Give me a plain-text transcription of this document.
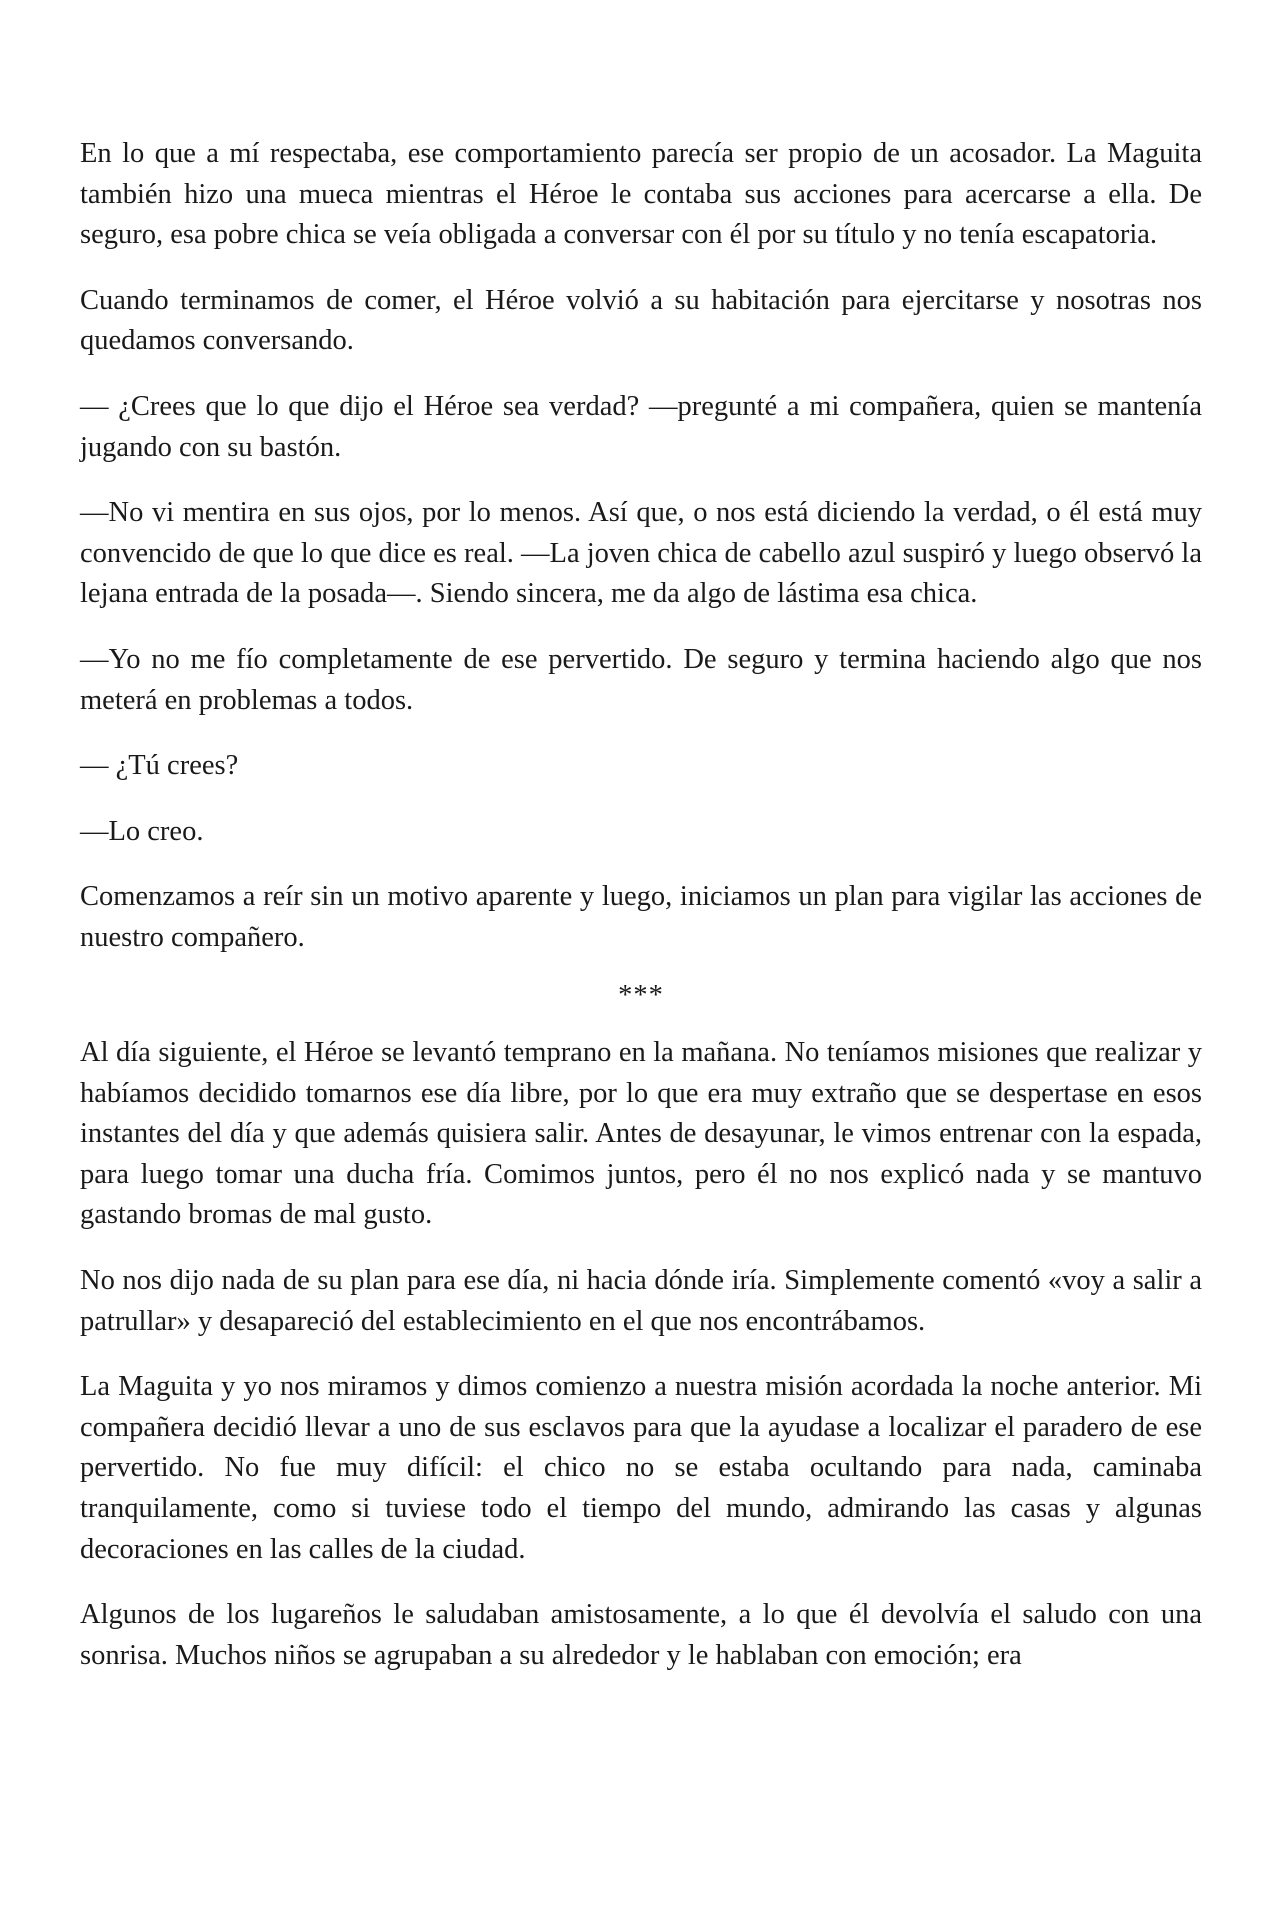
En lo que a mí respectaba, ese comportamiento parecía ser propio de un acosador. La Maguita también hizo una mueca mientras el Héroe le contaba sus acciones para acercarse a ella. De seguro, esa pobre chica se veía obligada a conversar con él por su título y no tenía escapatoria.

Cuando terminamos de comer, el Héroe volvió a su habitación para ejercitarse y nosotras nos quedamos conversando.

— ¿Crees que lo que dijo el Héroe sea verdad? —pregunté a mi compañera, quien se mantenía jugando con su bastón.

—No vi mentira en sus ojos, por lo menos. Así que, o nos está diciendo la verdad, o él está muy convencido de que lo que dice es real. —La joven chica de cabello azul suspiró y luego observó la lejana entrada de la posada—. Siendo sincera, me da algo de lástima esa chica.

—Yo no me fío completamente de ese pervertido. De seguro y termina haciendo algo que nos meterá en problemas a todos.

— ¿Tú crees?

—Lo creo.

Comenzamos a reír sin un motivo aparente y luego, iniciamos un plan para vigilar las acciones de nuestro compañero.

***

Al día siguiente, el Héroe se levantó temprano en la mañana. No teníamos misiones que realizar y habíamos decidido tomarnos ese día libre, por lo que era muy extraño que se despertase en esos instantes del día y que además quisiera salir. Antes de desayunar, le vimos entrenar con la espada, para luego tomar una ducha fría. Comimos juntos, pero él no nos explicó nada y se mantuvo gastando bromas de mal gusto.

No nos dijo nada de su plan para ese día, ni hacia dónde iría. Simplemente comentó «voy a salir a patrullar» y desapareció del establecimiento en el que nos encontrábamos.

La Maguita y yo nos miramos y dimos comienzo a nuestra misión acordada la noche anterior. Mi compañera decidió llevar a uno de sus esclavos para que la ayudase a localizar el paradero de ese pervertido. No fue muy difícil: el chico no se estaba ocultando para nada, caminaba tranquilamente, como si tuviese todo el tiempo del mundo, admirando las casas y algunas decoraciones en las calles de la ciudad.

Algunos de los lugareños le saludaban amistosamente, a lo que él devolvía el saludo con una sonrisa. Muchos niños se agrupaban a su alrededor y le hablaban con emoción; era
